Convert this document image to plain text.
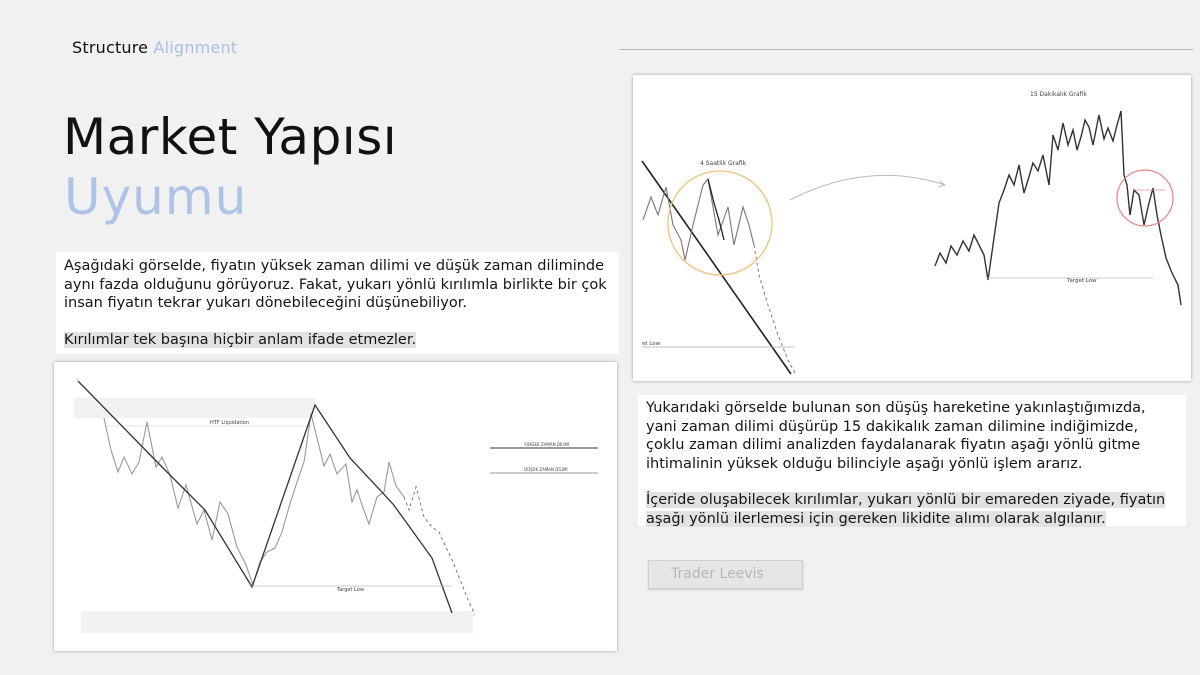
Structure Alignment
Market Yapısı
Uyumu
Aşağıdaki görselde, fiyatın yüksek zaman dilimi ve düşük zaman diliminde aynı fazda olduğunu görüyoruz. Fakat, yukarı yönlü kırılımla birlikte bir çok insan fiyatın tekrar yukarı dönebileceğini düşünebiliyor.
Kırılımlar tek başına hiçbir anlam ifade etmezler.
Yukarıdaki görselde bulunan son düşüş hareketine yakınlaştığımızda, yani zaman dilimi düşürüp 15 dakikalık zaman dilimine indiğimizde, çoklu zaman dilimi analizden faydalanarak fiyatın aşağı yönlü gitme ihtimalinin yüksek olduğu bilinciyle aşağı yönlü işlem ararız.
İçeride oluşabilecek kırılımlar, yukarı yönlü bir emareden ziyade, fiyatın aşağı yönlü ilerlemesi için gereken likidite alımı olarak algılanır.
4 Saatlik Grafik
15 Dakikalık Grafik
et Low
Target Low
HTF Liquidation
Target Low
YÜKSEK ZAMAN DİLİMİ
DÜŞÜK ZAMAN DİLİMİ
Trader Leevis
